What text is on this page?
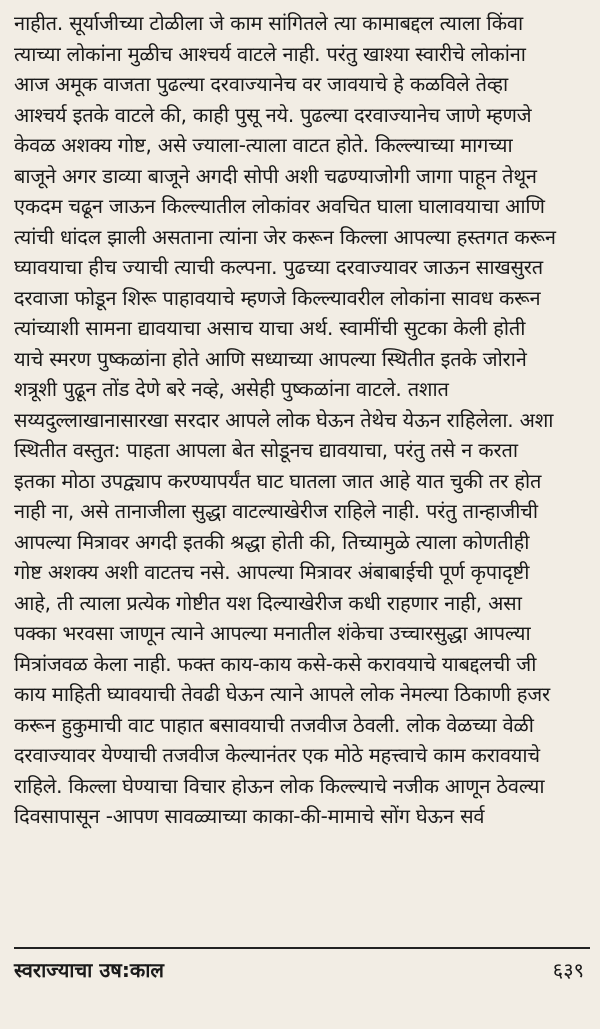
नाहीत. सूर्याजीच्या टोळीला जे काम सांगितले त्या कामाबद्दल त्याला किंवा
त्याच्या लोकांना मुळीच आश्चर्य वाटले नाही. परंतु खाश्या स्वारीचे लोकांना
आज अमूक वाजता पुढल्या दरवाज्यानेच वर जावयाचे हे कळविले तेव्हा
आश्चर्य इतके वाटले की, काही पुसू नये. पुढल्या दरवाज्यानेच जाणे म्हणजे
केवळ अशक्य गोष्ट, असे ज्याला-त्याला वाटत होते. किल्ल्याच्या मागच्या
बाजूने अगर डाव्या बाजूने अगदी सोपी अशी चढण्याजोगी जागा पाहून तेथून
एकदम चढून जाऊन किल्ल्यातील लोकांवर अवचित घाला घालावयाचा आणि
त्यांची धांदल झाली असताना त्यांना जेर करून किल्ला आपल्या हस्तगत करून
घ्यावयाचा हीच ज्याची त्याची कल्पना. पुढच्या दरवाज्यावर जाऊन साखसुरत
दरवाजा फोडून शिरू पाहावयाचे म्हणजे किल्ल्यावरील लोकांना सावध करून
त्यांच्याशी सामना द्यावयाचा असाच याचा अर्थ. स्वामींची सुटका केली होती
याचे स्मरण पुष्कळांना होते आणि सध्याच्या आपल्या स्थितीत इतके जोराने
शत्रूशी पुढून तोंड देणे बरे नव्हे, असेही पुष्कळांना वाटले. तशात
सय्यदुल्लाखानासारखा सरदार आपले लोक घेऊन तेथेच येऊन राहिलेला. अशा
स्थितीत वस्तुत: पाहता आपला बेत सोडूनच द्यावयाचा, परंतु तसे न करता
इतका मोठा उपद्व्याप करण्यापर्यंत घाट घातला जात आहे यात चुकी तर होत
नाही ना, असे तानाजीला सुद्धा वाटल्याखेरीज राहिले नाही. परंतु तान्हाजीची
आपल्या मित्रावर अगदी इतकी श्रद्धा होती की, तिच्यामुळे त्याला कोणतीही
गोष्ट अशक्य अशी वाटतच नसे. आपल्या मित्रावर अंबाबाईची पूर्ण कृपादृष्टी
आहे, ती त्याला प्रत्येक गोष्टीत यश दिल्याखेरीज कधी राहणार नाही, असा
पक्का भरवसा जाणून त्याने आपल्या मनातील शंकेचा उच्चारसुद्धा आपल्या
मित्रांजवळ केला नाही. फक्त काय-काय कसे-कसे करावयाचे याबद्दलची जी
काय माहिती घ्यावयाची तेवढी घेऊन त्याने आपले लोक नेमल्या ठिकाणी हजर
करून हुकुमाची वाट पाहात बसावयाची तजवीज ठेवली. लोक वेळच्या वेळी
दरवाज्यावर येण्याची तजवीज केल्यानंतर एक मोठे महत्त्वाचे काम करावयाचे
राहिले. किल्ला घेण्याचा विचार होऊन लोक किल्ल्याचे नजीक आणून ठेवल्या
दिवसापासून -आपण सावळ्याच्या काका-की-मामाचे सोंग घेऊन सर्व
स्वराज्याचा उष:काल	६३९
